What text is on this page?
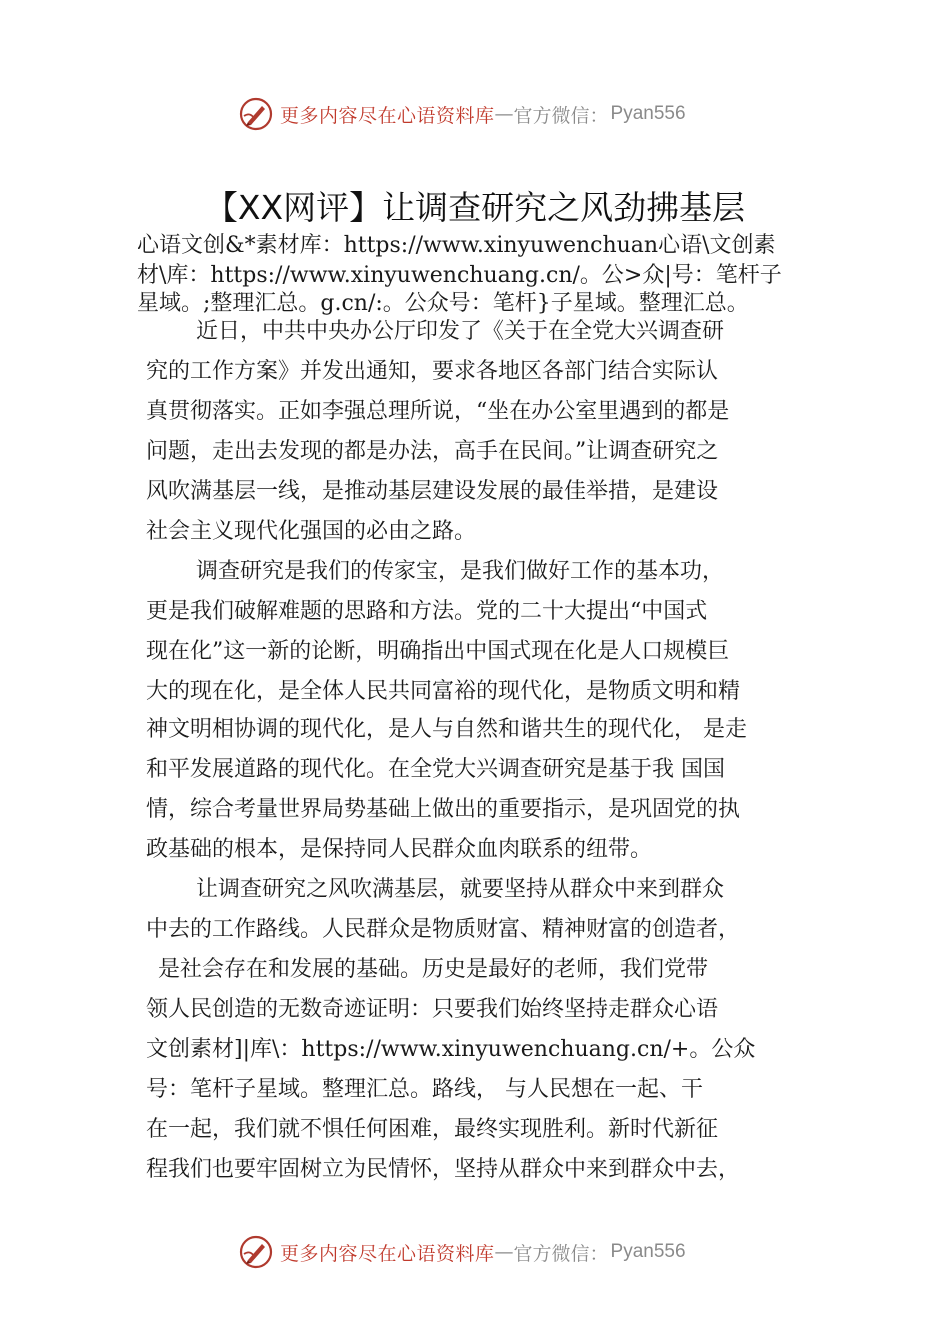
更多内容尽在心语资料库 — 官方微信： Pyan556
【XX网评】让调查研究之风劲拂基层
心语文创&*素材库：https://www.xinyuwenchuan心语\文创素
材\库：https://www.xinyuwenchuang.cn/。公>众|号：笔杆子
星域。;整理汇总。g.cn/:。公众号：笔杆}子星域。整理汇总。
近日，中共中央办公厅印发了《关于在全党大兴调查研
究的工作方案》并发出通知，要求各地区各部门结合实际认
真贯彻落实。正如李强总理所说，“坐在办公室里遇到的都是
问题，走出去发现的都是办法，高手在民间。”让调查研究之
风吹满基层一线，是推动基层建设发展的最佳举措，是建设
社会主义现代化强国的必由之路。
调查研究是我们的传家宝，是我们做好工作的基本功，
更是我们破解难题的思路和方法。党的二十大提出“中国式
现在化”这一新的论断，明确指出中国式现在化是人口规模巨
大的现在化，是全体人民共同富裕的现代化，是物质文明和精
神文明相协调的现代化，是人与自然和谐共生的现代化， 是走
和平发展道路的现代化。在全党大兴调查研究是基于我 国国
情，综合考量世界局势基础上做出的重要指示，是巩固党的执
政基础的根本，是保持同人民群众血肉联系的纽带。
让调查研究之风吹满基层，就要坚持从群众中来到群众
中去的工作路线。人民群众是物质财富、精神财富的创造者，
是社会存在和发展的基础。历史是最好的老师，我们党带
领人民创造的无数奇迹证明：只要我们始终坚持走群众心语
文创素材]|库\：https://www.xinyuwenchuang.cn/+。公众
号：笔杆子星域。整理汇总。路线， 与人民想在一起、干
在一起，我们就不惧任何困难，最终实现胜利。新时代新征
程我们也要牢固树立为民情怀，坚持从群众中来到群众中去，
更多内容尽在心语资料库 — 官方微信： Pyan556
